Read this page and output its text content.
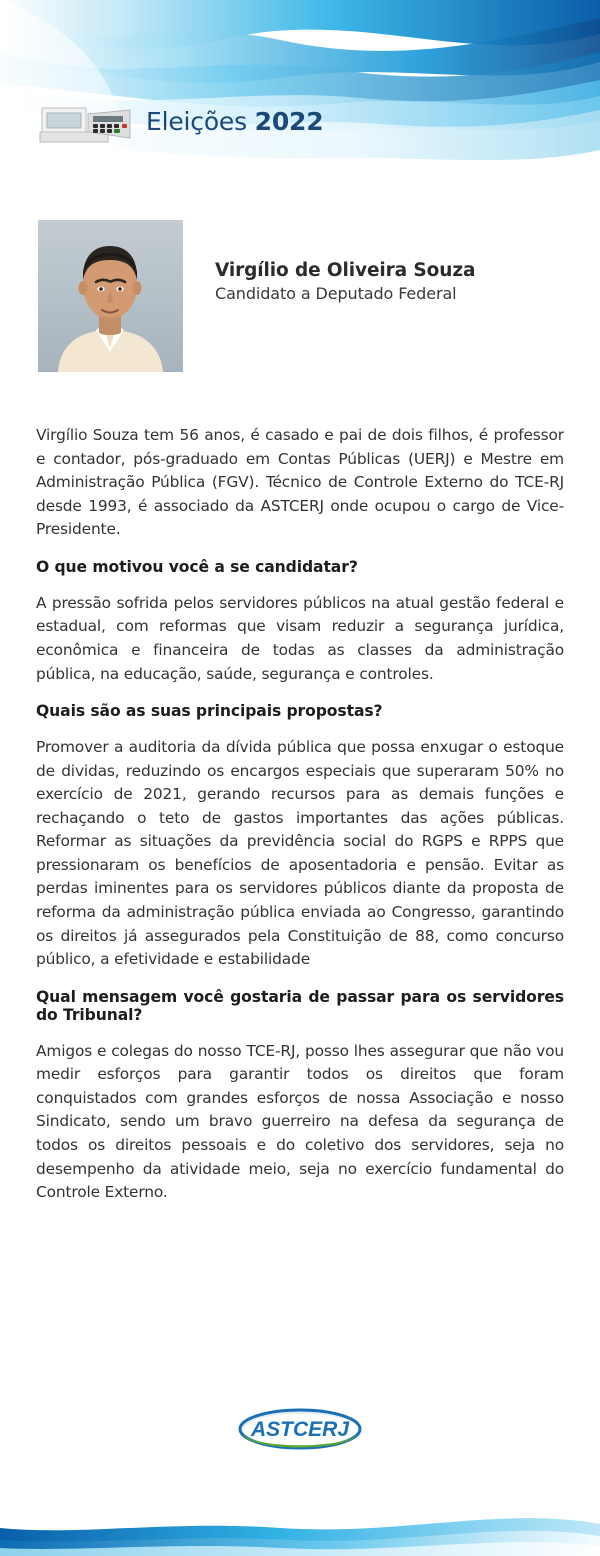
Eleições 2022
Virgílio de Oliveira Souza
Candidato a Deputado Federal

Virgílio Souza tem 56 anos, é casado e pai de dois filhos, é professor e contador, pós-graduado em Contas Públicas (UERJ) e Mestre em Administração Pública (FGV). Técnico de Controle Externo do TCE-RJ desde 1993, é associado da ASTCERJ onde ocupou o cargo de Vice-Presidente.

O que motivou você a se candidatar?

A pressão sofrida pelos servidores públicos na atual gestão federal e estadual, com reformas que visam reduzir a segurança jurídica, econômica e financeira de todas as classes da administração pública, na educação, saúde, segurança e controles.

Quais são as suas principais propostas?

Promover a auditoria da dívida pública que possa enxugar o estoque de dividas, reduzindo os encargos especiais que superaram 50% no exercício de 2021, gerando recursos para as demais funções e rechaçando o teto de gastos importantes das ações públicas. Reformar as situações da previdência social do RGPS e RPPS que pressionaram os benefícios de aposentadoria e pensão. Evitar as perdas iminentes para os servidores públicos diante da proposta de reforma da administração pública enviada ao Congresso, garantindo os direitos já assegurados pela Constituição de 88, como concurso público, a efetividade e estabilidade

Qual mensagem você gostaria de passar para os servidores do Tribunal?

Amigos e colegas do nosso TCE-RJ, posso lhes assegurar que não vou medir esforços para garantir todos os direitos que foram conquistados com grandes esforços de nossa Associação e nosso Sindicato, sendo um bravo guerreiro na defesa da segurança de todos os direitos pessoais e do coletivo dos servidores, seja no desempenho da atividade meio, seja no exercício fundamental do Controle Externo.

ASTCERJ
